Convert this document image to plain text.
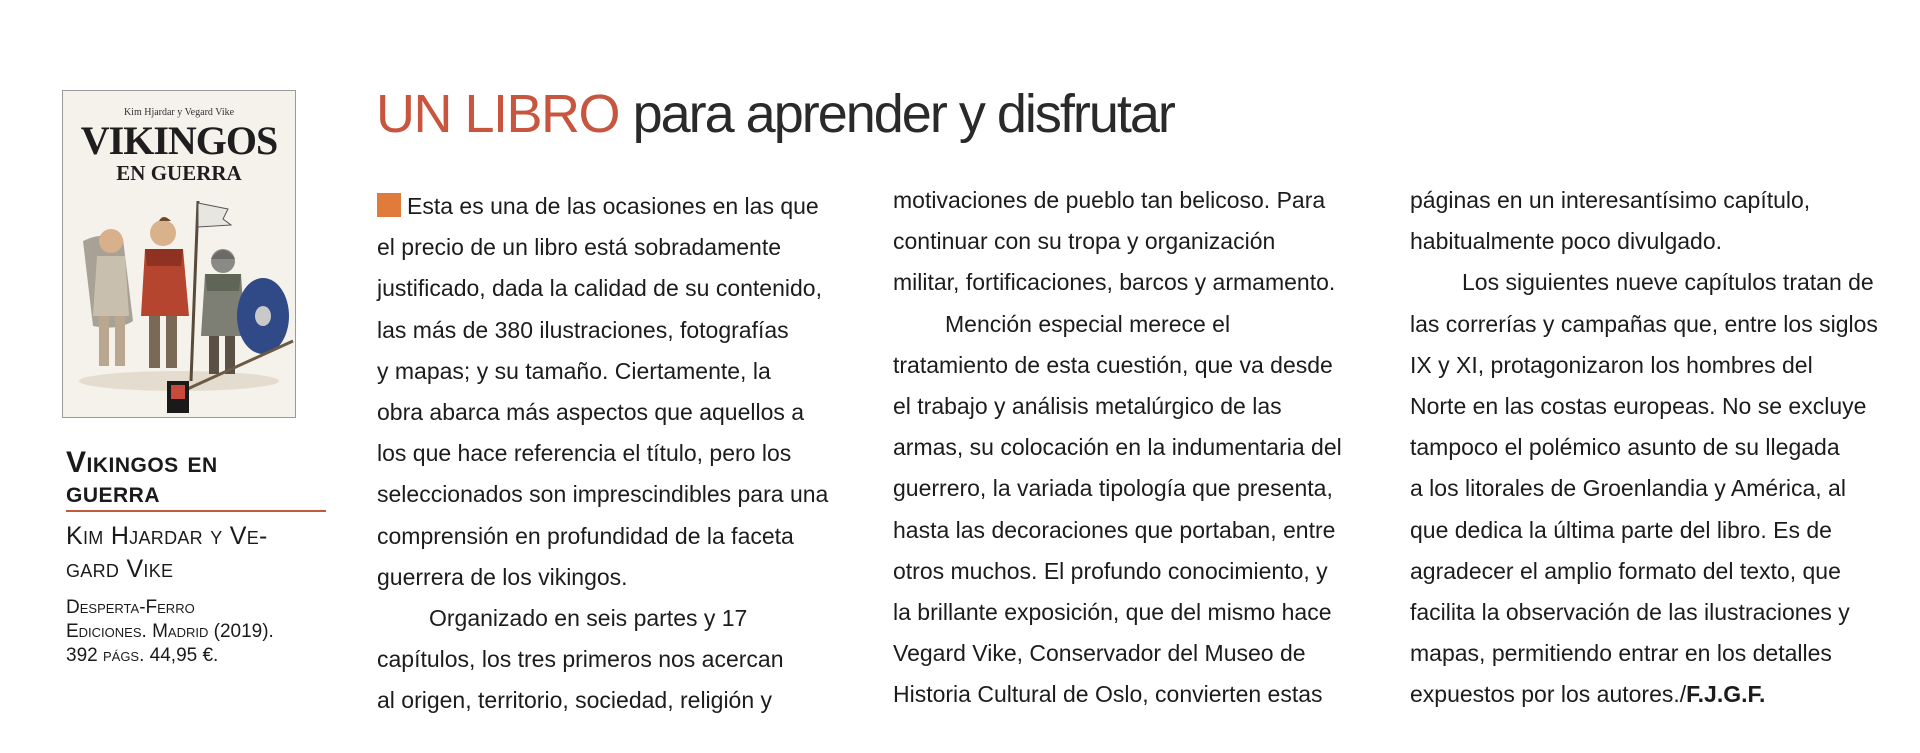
Kim Hjardar y Vegard Vike
VIKINGOS
EN GUERRA
Vikingos en
guerra
Kim Hjardar y Ve-
gard Vike
Desperta-Ferro
Ediciones. Madrid (2019).
392 págs. 44,95 €.
UN LIBRO para aprender y disfrutar
Esta es una de las ocasiones en las que
el precio de un libro está sobradamente
justificado, dada la calidad de su contenido,
las más de 380 ilustraciones, fotografías
y mapas; y su tamaño. Ciertamente, la
obra abarca más aspectos que aquellos a
los que hace referencia el título, pero los
seleccionados son imprescindibles para una
comprensión en profundidad de la faceta
guerrera de los vikingos.
Organizado en seis partes y 17
capítulos, los tres primeros nos acercan
al origen, territorio, sociedad, religión y
motivaciones de pueblo tan belicoso. Para
continuar con su tropa y organización
militar, fortificaciones, barcos y armamento.
Mención especial merece el
tratamiento de esta cuestión, que va desde
el trabajo y análisis metalúrgico de las
armas, su colocación en la indumentaria del
guerrero, la variada tipología que presenta,
hasta las decoraciones que portaban, entre
otros muchos. El profundo conocimiento, y
la brillante exposición, que del mismo hace
Vegard Vike, Conservador del Museo de
Historia Cultural de Oslo, convierten estas
páginas en un interesantísimo capítulo,
habitualmente poco divulgado.
Los siguientes nueve capítulos tratan de
las correrías y campañas que, entre los siglos
IX y XI, protagonizaron los hombres del
Norte en las costas europeas. No se excluye
tampoco el polémico asunto de su llegada
a los litorales de Groenlandia y América, al
que dedica la última parte del libro. Es de
agradecer el amplio formato del texto, que
facilita la observación de las ilustraciones y
mapas, permitiendo entrar en los detalles
expuestos por los autores./F.J.G.F.
